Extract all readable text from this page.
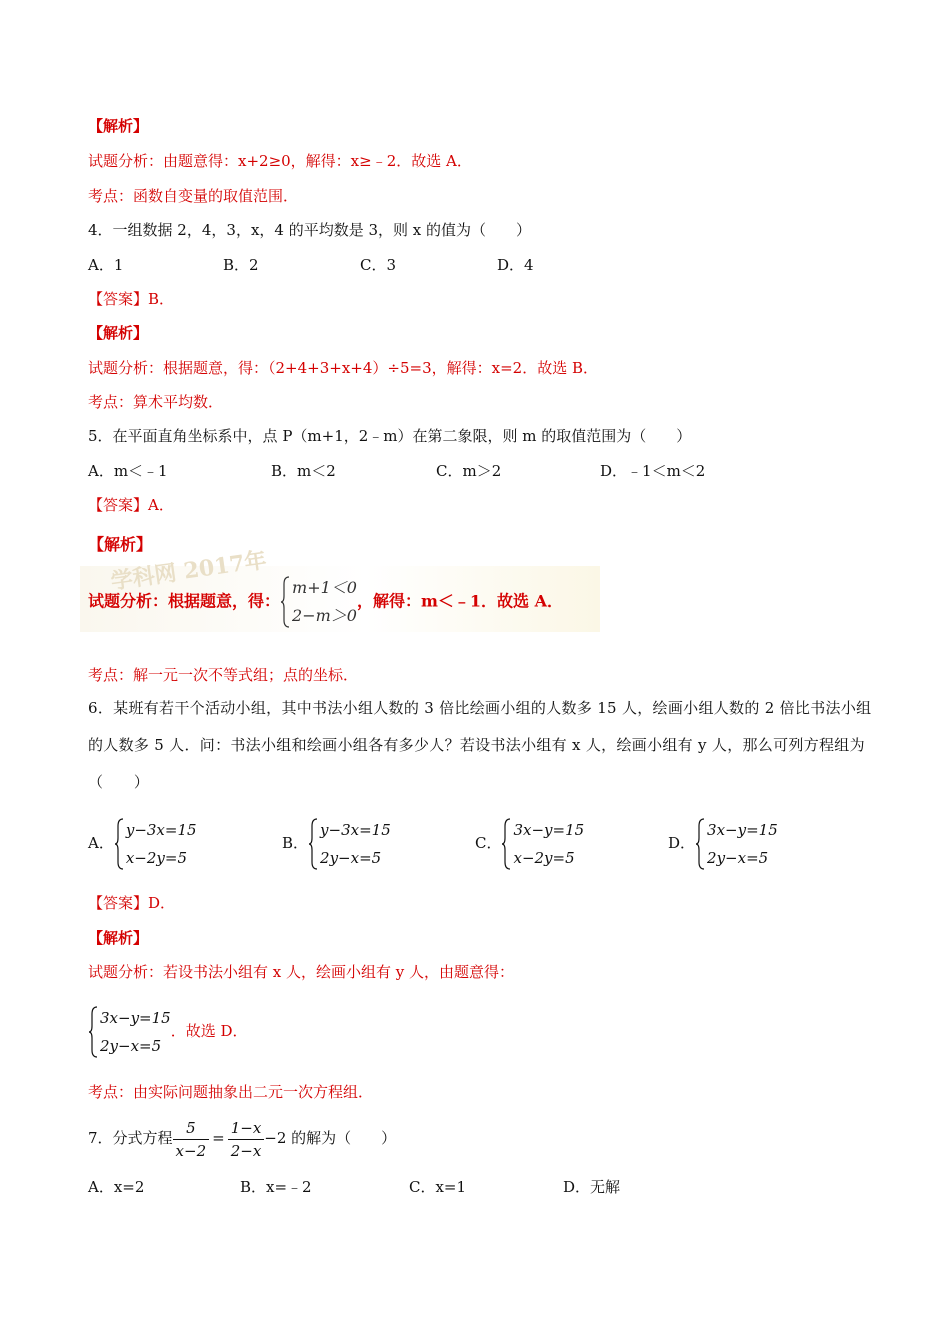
【解析】
试题分析：由题意得：x+2≥0，解得：x≥﹣2．故选 A．
考点：函数自变量的取值范围．
4．一组数据 2，4，3，x，4 的平均数是 3，则 x 的值为（　　）
A．1	B．2	C．3	D．4
【答案】B．
【解析】
试题分析：根据题意，得：（2+4+3+x+4）÷5=3，解得：x=2．故选 B．
考点：算术平均数．
5．在平面直角坐标系中，点 P（m+1，2﹣m）在第二象限，则 m 的取值范围为（　　）
A．m＜﹣1	B．m＜2	C．m＞2	D．﹣1＜m＜2
【答案】A．
【解析】
学科网 2017年
试题分析：根据题意，得：
m+1＜0
2−m＞0
，解得：m＜﹣1．故选 A．
考点：解一元一次不等式组；点的坐标．
6．某班有若干个活动小组，其中书法小组人数的 3 倍比绘画小组的人数多 15 人，绘画小组人数的 2 倍比书法小组的人数多 5 人．问：书法小组和绘画小组各有多少人？若设书法小组有 x 人，绘画小组有 y 人，那么可列方程组为（　　）
A．
y−3x=15
x−2y=5
B．
y−3x=15
2y−x=5
C．
3x−y=15
x−2y=5
D．
3x−y=15
2y−x=5
【答案】D．
【解析】
试题分析：若设书法小组有 x 人，绘画小组有 y 人，由题意得：
3x−y=15
2y−x=5
．故选 D．
考点：由实际问题抽象出二元一次方程组．
7．分式方程 $\frac{5}{x-2} = \frac{1-x}{2-x} -2$ 的解为（　　）
A．x=2	B．x=﹣2	C．x=1	D．无解
